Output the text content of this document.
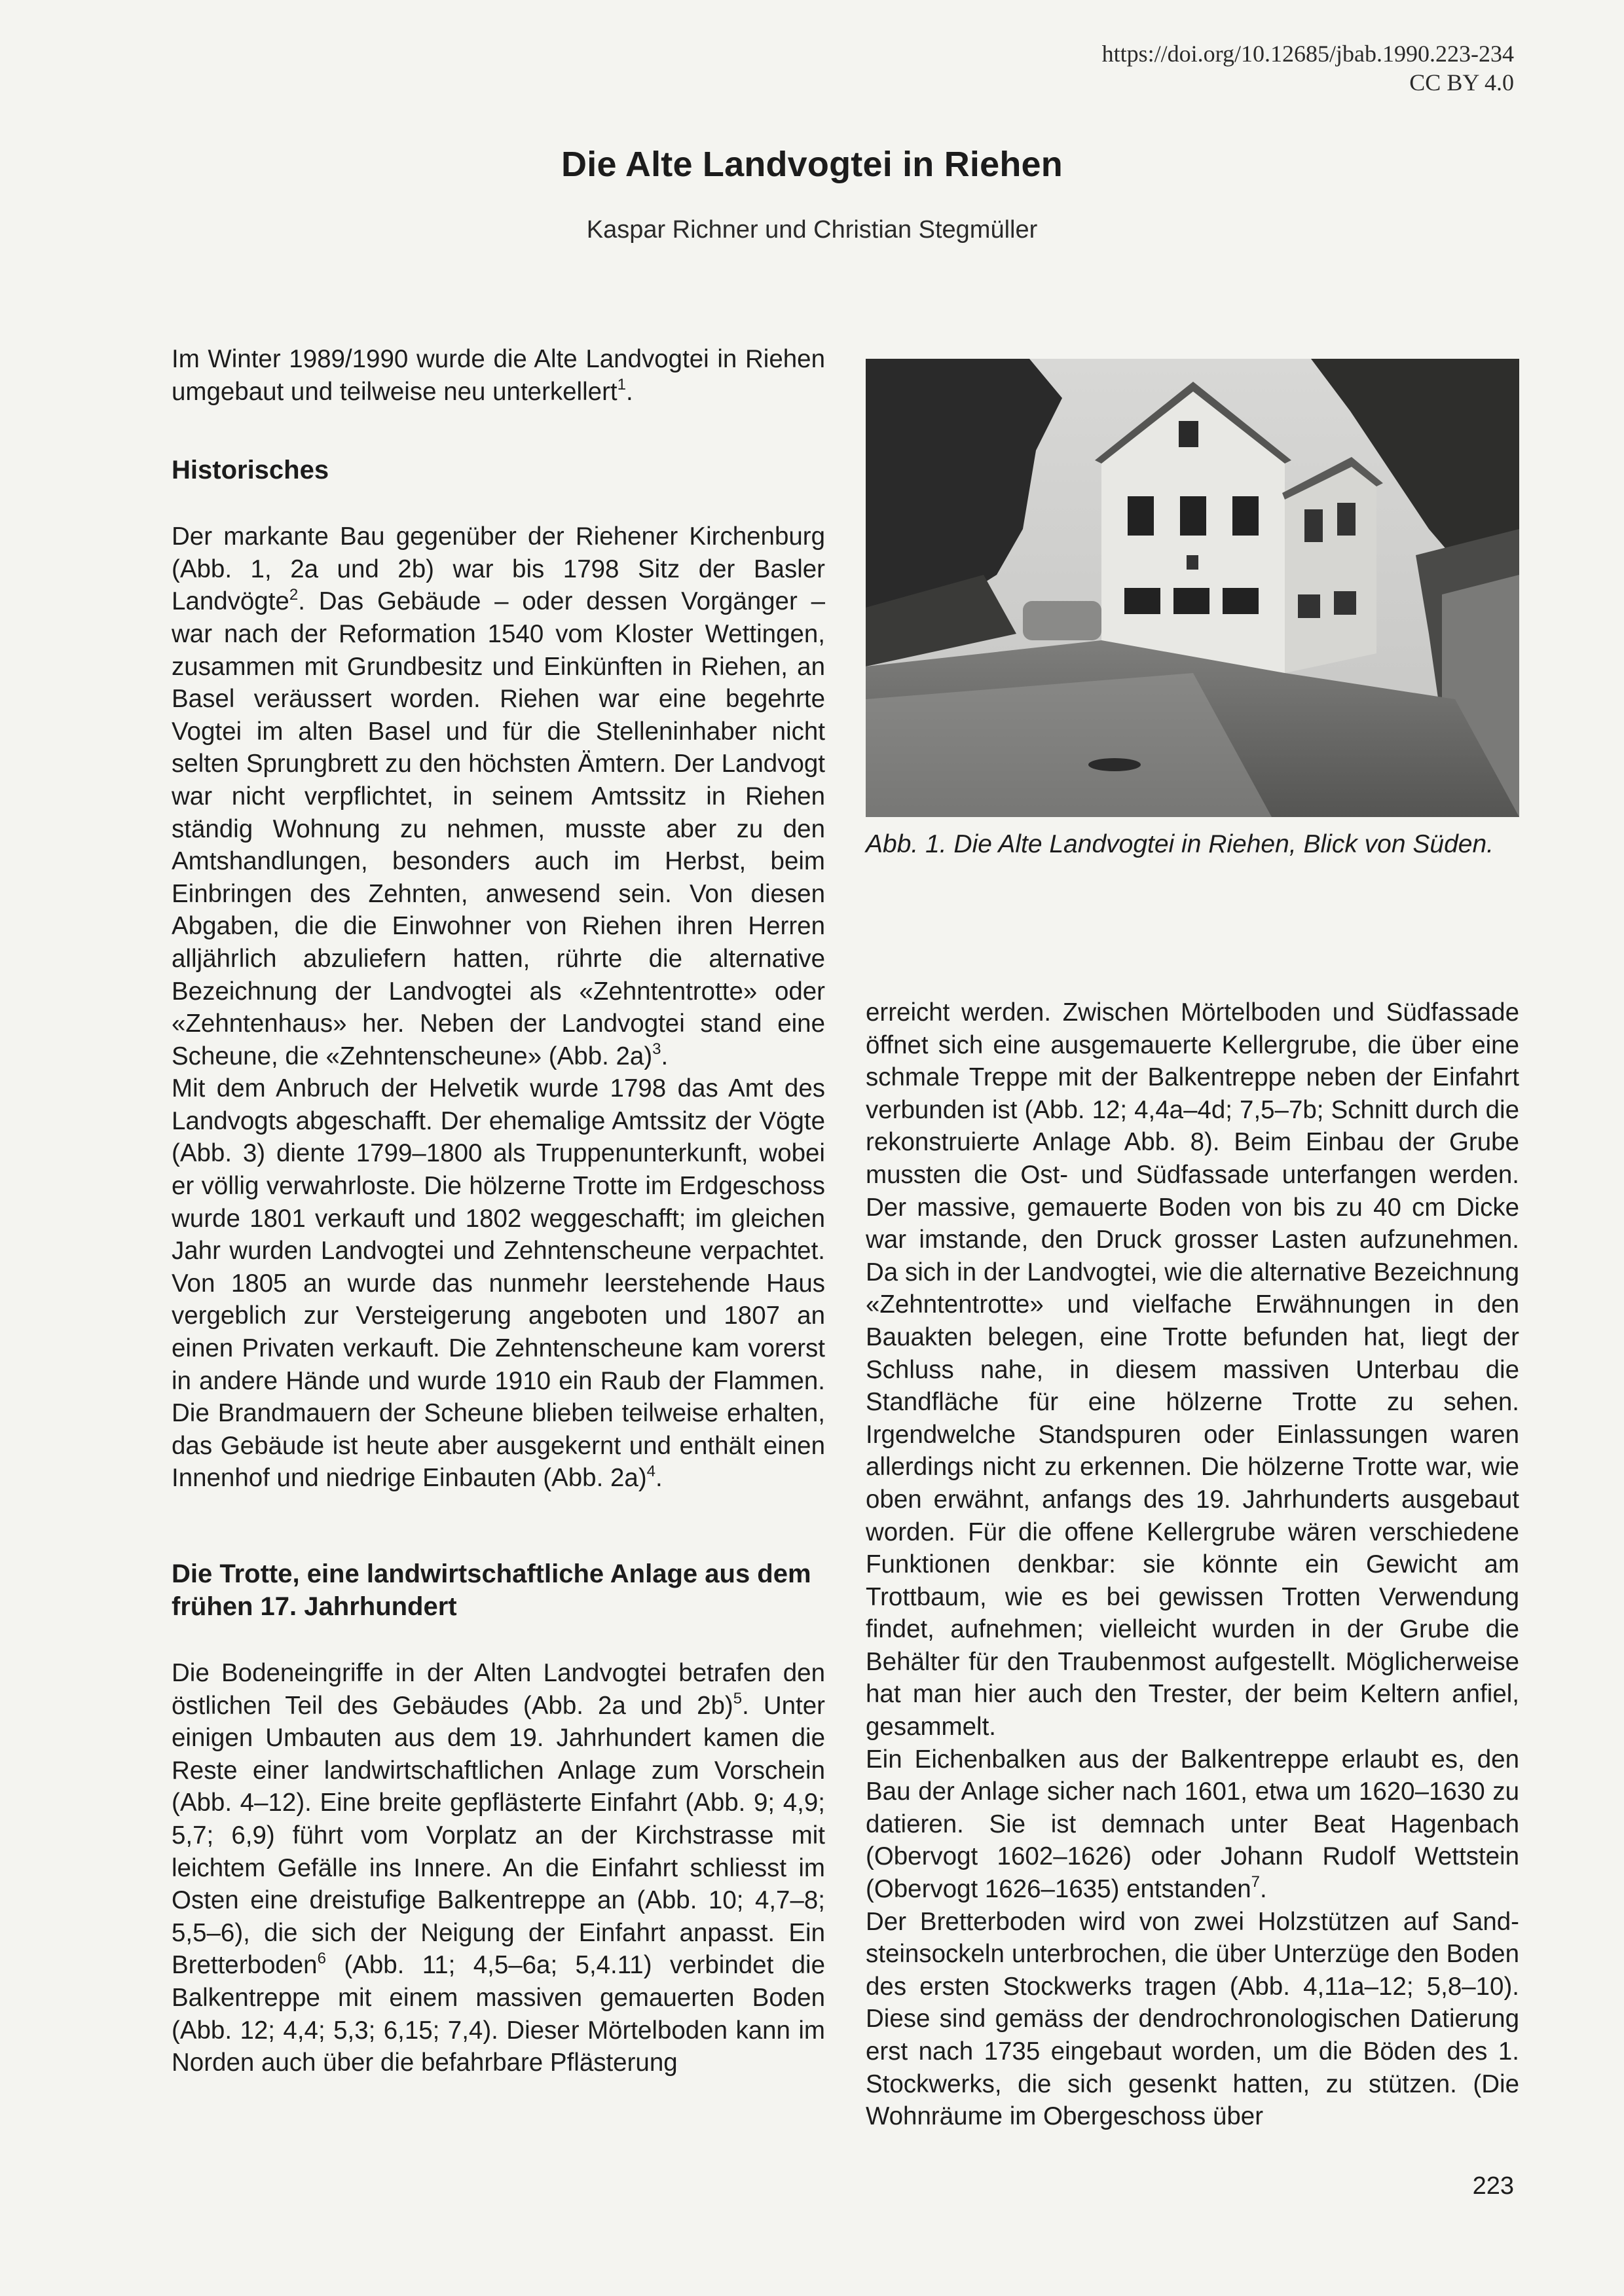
https://doi.org/10.12685/jbab.1990.223-234
CC BY 4.0
Die Alte Landvogtei in Riehen
Kaspar Richner und Christian Stegmüller

Im Winter 1989/1990 wurde die Alte Landvogtei in Riehen umgebaut und teilweise neu unterkellert$^1$.

Historisches

Der markante Bau gegenüber der Riehener Kirchenburg (Abb. 1, 2a und 2b) war bis 1798 Sitz der Basler Landvögte$^2$. Das Gebäude – oder dessen Vorgänger – war nach der Reformation 1540 vom Kloster Wettingen, zusammen mit Grundbesitz und Einkünften in Riehen, an Basel veräussert worden. Riehen war eine begehrte Vogtei im alten Basel und für die Stelleninhaber nicht selten Sprungbrett zu den höchsten Ämtern. Der Landvogt war nicht verpflichtet, in seinem Amtssitz in Riehen ständig Wohnung zu nehmen, musste aber zu den Amtshandlungen, besonders auch im Herbst, beim Einbringen des Zehnten, anwesend sein. Von diesen Abgaben, die die Einwohner von Riehen ihren Herren alljährlich abzuliefern hatten, rührte die alternative Bezeichnung der Landvogtei als «Zehntentrotte» oder «Zehntenhaus» her. Neben der Landvogtei stand eine Scheune, die «Zehntenscheune» (Abb. 2a)$^3$.

Mit dem Anbruch der Helvetik wurde 1798 das Amt des Landvogts abgeschafft. Der ehemalige Amtssitz der Vögte (Abb. 3) diente 1799–1800 als Truppenunterkunft, wobei er völlig verwahrloste. Die hölzerne Trotte im Erdgeschoss wurde 1801 verkauft und 1802 weggeschafft; im gleichen Jahr wurden Landvogtei und Zehntenscheune verpachtet. Von 1805 an wurde das nunmehr leerstehende Haus vergeblich zur Versteigerung angeboten und 1807 an einen Privaten verkauft. Die Zehntenscheune kam vorerst in andere Hände und wurde 1910 ein Raub der Flammen. Die Brandmauern der Scheune blieben teilweise erhalten, das Gebäude ist heute aber ausgekernt und enthält einen Innenhof und niedrige Einbauten (Abb. 2a)$^4$.

Die Trotte, eine landwirtschaftliche Anlage aus dem frühen 17. Jahrhundert

Die Bodeneingriffe in der Alten Landvogtei betrafen den östlichen Teil des Gebäudes (Abb. 2a und 2b)$^5$. Unter einigen Umbauten aus dem 19. Jahrhundert kamen die Reste einer landwirtschaftlichen Anlage zum Vorschein (Abb. 4–12). Eine breite gepflästerte Einfahrt (Abb. 9; 4,9; 5,7; 6,9) führt vom Vorplatz an der Kirchstrasse mit leichtem Gefälle ins Innere. An die Einfahrt schliesst im Osten eine dreistufige Balkentreppe an (Abb. 10; 4,7–8; 5,5–6), die sich der Neigung der Einfahrt anpasst. Ein Bretterboden$^6$ (Abb. 11; 4,5–6a; 5,4.11) verbindet die Balkentreppe mit einem massiven gemauerten Boden (Abb. 12; 4,4; 5,3; 6,15; 7,4). Dieser Mörtelboden kann im Norden auch über die befahrbare Pflästerung

Abb. 1. Die Alte Landvogtei in Riehen, Blick von Süden.

erreicht werden. Zwischen Mörtelboden und Südfassade öffnet sich eine ausgemauerte Kellergrube, die über eine schmale Treppe mit der Balkentreppe neben der Einfahrt verbunden ist (Abb. 12; 4,4a–4d; 7,5–7b; Schnitt durch die rekonstruierte Anlage Abb. 8). Beim Einbau der Grube mussten die Ost- und Südfassade unterfangen werden. Der massive, gemauerte Boden von bis zu 40 cm Dicke war imstande, den Druck grosser Lasten aufzunehmen. Da sich in der Landvogtei, wie die alternative Bezeichnung «Zehntentrotte» und vielfache Erwähnungen in den Bauakten belegen, eine Trotte befunden hat, liegt der Schluss nahe, in diesem massiven Unterbau die Standfläche für eine hölzerne Trotte zu sehen. Irgendwelche Standspuren oder Einlassungen waren allerdings nicht zu erkennen. Die hölzerne Trotte war, wie oben erwähnt, anfangs des 19. Jahrhunderts ausgebaut worden. Für die offene Kellergrube wären verschiedene Funktionen denkbar: sie könnte ein Gewicht am Trottbaum, wie es bei gewissen Trotten Verwendung findet, aufnehmen; vielleicht wurden in der Grube die Behälter für den Traubenmost aufgestellt. Möglicherweise hat man hier auch den Trester, der beim Keltern anfiel, gesammelt.

Ein Eichenbalken aus der Balkentreppe erlaubt es, den Bau der Anlage sicher nach 1601, etwa um 1620–1630 zu datieren. Sie ist demnach unter Beat Hagenbach (Obervogt 1602–1626) oder Johann Rudolf Wettstein (Obervogt 1626–1635) entstanden$^7$.

Der Bretterboden wird von zwei Holzstützen auf Sandsteinsockeln unterbrochen, die über Unterzüge den Boden des ersten Stockwerks tragen (Abb. 4,11a–12; 5,8–10). Diese sind gemäss der dendrochronologischen Datierung erst nach 1735 eingebaut worden, um die Böden des 1. Stockwerks, die sich gesenkt hatten, zu stützen. (Die Wohnräume im Obergeschoss über

223
